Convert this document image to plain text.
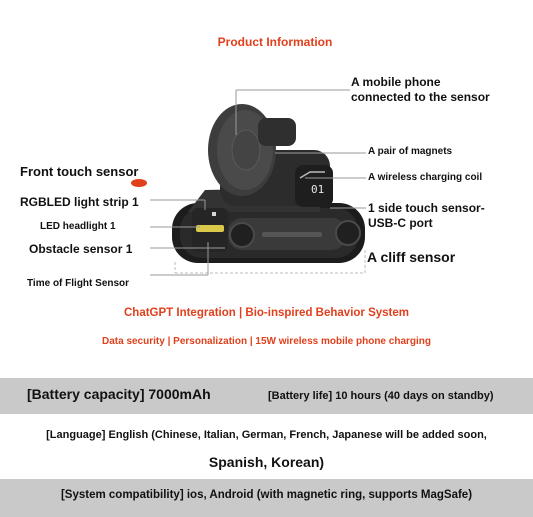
Product Information
01
A mobile phone
connected to the sensor
A pair of magnets
A wireless charging coil
1 side touch sensor-
USB-C port
A cliff sensor
Front touch sensor
RGBLED light strip 1
LED headlight 1
Obstacle sensor 1
Time of Flight Sensor
ChatGPT Integration | Bio-inspired Behavior System
Data security | Personalization | 15W wireless mobile phone charging
[Battery capacity] 7000mAh	[Battery life] 10 hours (40 days on standby)
[Language] English (Chinese, Italian, German, French, Japanese will be added soon,
Spanish, Korean)
[System compatibility] ios, Android (with magnetic ring, supports MagSafe)
